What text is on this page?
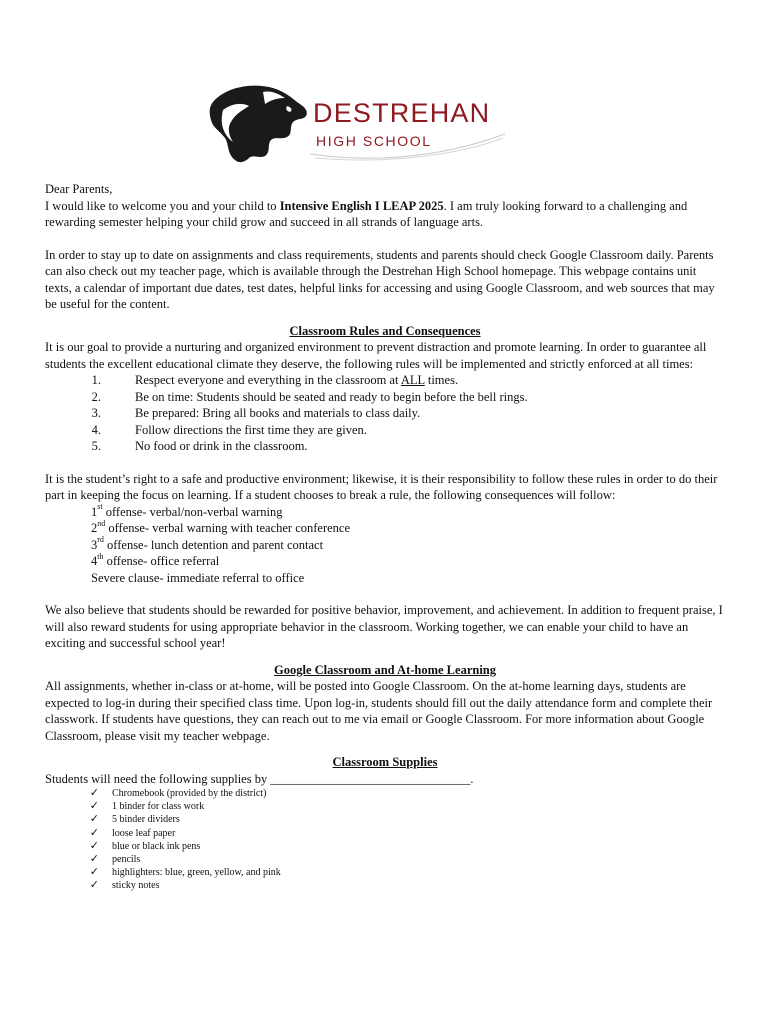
DESTREHAN
HIGH SCHOOL

Dear Parents,

I would like to welcome you and your child to Intensive English I LEAP 2025. I am truly looking forward to a challenging and rewarding semester helping your child grow and succeed in all strands of language arts.

In order to stay up to date on assignments and class requirements, students and parents should check Google Classroom daily. Parents can also check out my teacher page, which is available through the Destrehan High School homepage. This webpage contains unit texts, a calendar of important due dates, test dates, helpful links for accessing and using Google Classroom, and web sources that may be useful for the content.

Classroom Rules and Consequences

It is our goal to provide a nurturing and organized environment to prevent distraction and promote learning. In order to guarantee all students the excellent educational climate they deserve, the following rules will be implemented and strictly enforced at all times:

1.	Respect everyone and everything in the classroom at ALL times.
2.	Be on time: Students should be seated and ready to begin before the bell rings.
3.	Be prepared: Bring all books and materials to class daily.
4.	Follow directions the first time they are given.
5.	No food or drink in the classroom.

It is the student’s right to a safe and productive environment; likewise, it is their responsibility to follow these rules in order to do their part in keeping the focus on learning. If a student chooses to break a rule, the following consequences will follow:

1st offense- verbal/non-verbal warning

2nd offense- verbal warning with teacher conference

3rd offense- lunch detention and parent contact

4th offense- office referral

Severe clause- immediate referral to office

We also believe that students should be rewarded for positive behavior, improvement, and achievement. In addition to frequent praise, I will also reward students for using appropriate behavior in the classroom. Working together, we can enable your child to have an exciting and successful school year!

Google Classroom and At-home Learning

All assignments, whether in-class or at-home, will be posted into Google Classroom. On the at-home learning days, students are expected to log-in during their specified class time. Upon log-in, students should fill out the daily attendance form and complete their classwork. If students have questions, they can reach out to me via email or Google Classroom. For more information about Google Classroom, please visit my teacher webpage.

Classroom Supplies

Students will need the following supplies by ________________________________.

✓	Chromebook (provided by the district)
✓	1 binder for class work
✓	5 binder dividers
✓	loose leaf paper
✓	blue or black ink pens
✓	pencils
✓	highlighters: blue, green, yellow, and pink
✓	sticky notes
